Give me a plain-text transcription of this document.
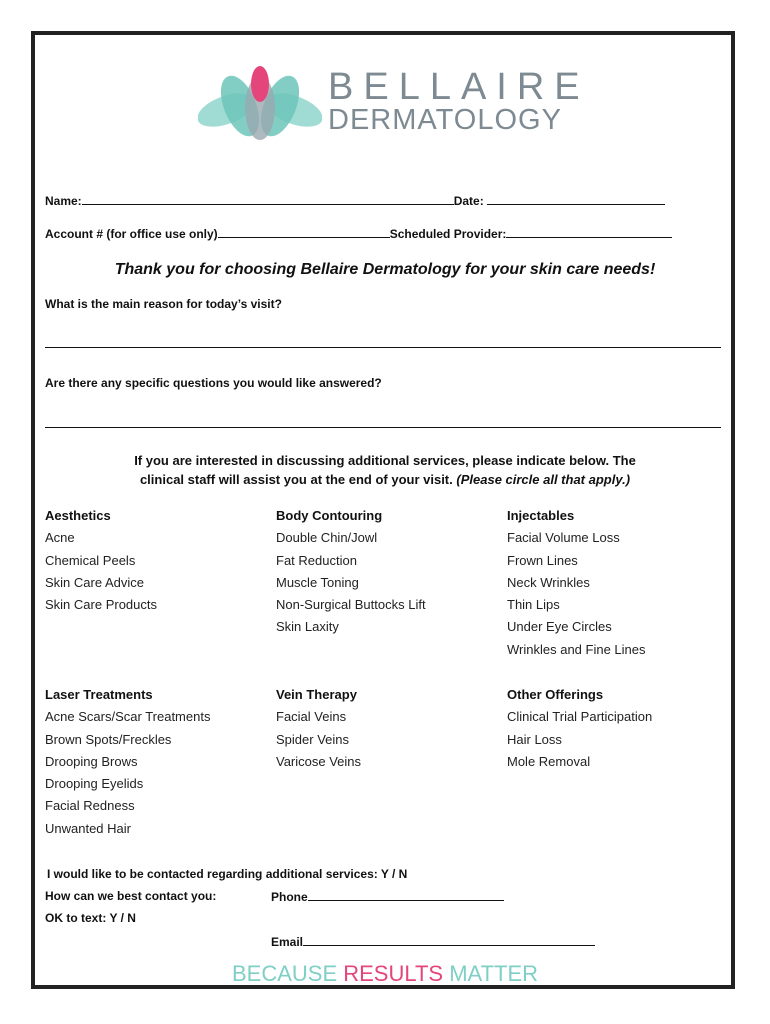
BELLAIRE
DERMATOLOGY
Name:	Date:
Account # (for office use only)	Scheduled Provider:
Thank you for choosing Bellaire Dermatology for your skin care needs!
What is the main reason for today’s visit?
Are there any specific questions you would like answered?
If you are interested in discussing additional services, please indicate below. The
clinical staff will assist you at the end of your visit. (Please circle all that apply.)
Aesthetics
Acne
Chemical Peels
Skin Care Advice
Skin Care Products
Body Contouring
Double Chin/Jowl
Fat Reduction
Muscle Toning
Non-Surgical Buttocks Lift
Skin Laxity
Injectables
Facial Volume Loss
Frown Lines
Neck Wrinkles
Thin Lips
Under Eye Circles
Wrinkles and Fine Lines
Laser Treatments
Acne Scars/Scar Treatments
Brown Spots/Freckles
Drooping Brows
Drooping Eyelids
Facial Redness
Unwanted Hair
Vein Therapy
Facial Veins
Spider Veins
Varicose Veins
Other Offerings
Clinical Trial Participation
Hair Loss
Mole Removal
I would like to be contacted regarding additional services: Y / N
How can we best contact you:	Phone
OK to text: Y / N
Email
BECAUSE RESULTS MATTER
